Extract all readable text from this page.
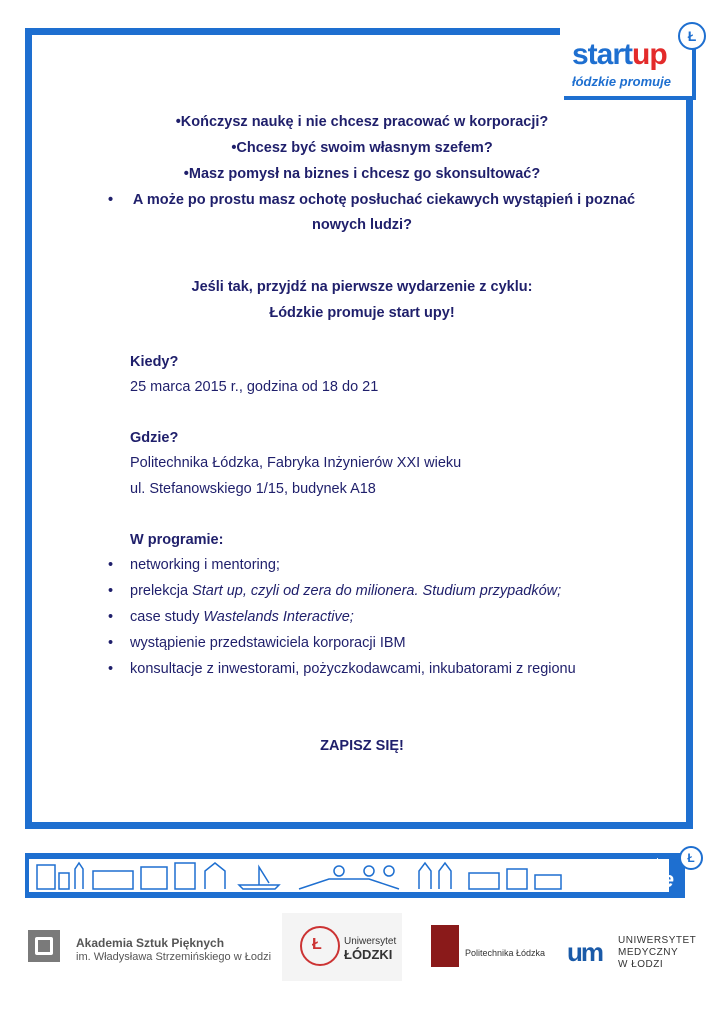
startup
łódzkie promuje
Ł
•Kończysz naukę i nie chcesz pracować w korporacji?
•Chcesz być swoim własnym szefem?
•Masz pomysł na biznes i chcesz go skonsultować?
•	A może po prostu masz ochotę posłuchać ciekawych wystąpień i poznać
nowych ludzi?
Jeśli tak, przyjdź na pierwsze wydarzenie z cyklu:
Łódzkie promuje start upy!
Kiedy?
25 marca 2015 r., godzina od 18 do 21
Gdzie?
Politechnika Łódzka, Fabryka Inżynierów XXI wieku
ul. Stefanowskiego 1/15, budynek A18
W programie:
• networking i mentoring;
• prelekcja Start up, czyli od zera do milionera. Studium przypadków;
• case study Wastelands Interactive;
• wystąpienie przedstawiciela korporacji IBM
• konsultacje z inwestorami, pożyczkodawcami, inkubatorami z regionu
ZAPISZ SIĘ!
promuje
łódzkie
Ł
Akademia Sztuk Pięknych
im. Władysława Strzemińskiego w Łodzi
Ł
Uniwersytet
ŁÓDZKI	Politechnika Łódzka um UNIWERSYTET
MEDYCZNY
W ŁODZI
